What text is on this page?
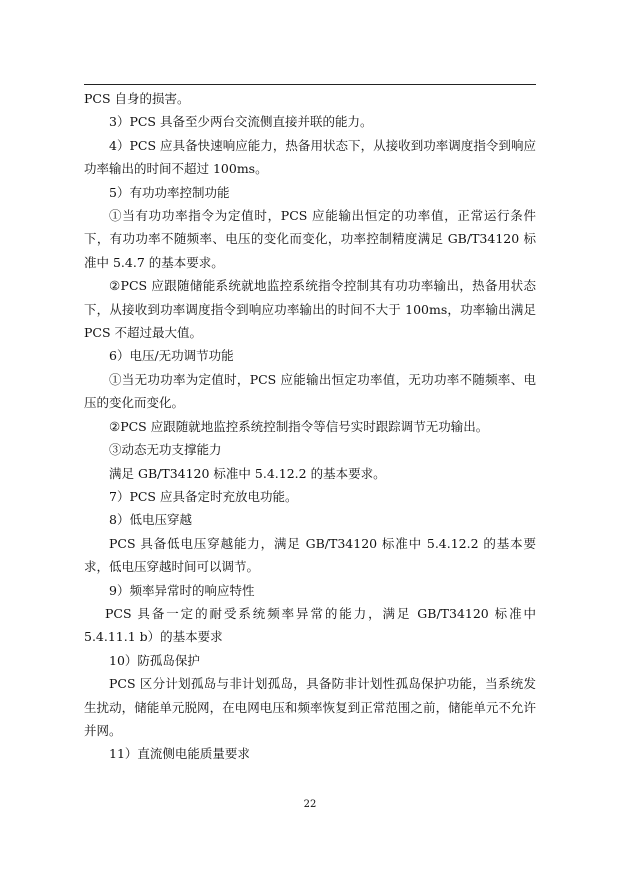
PCS 自身的损害。

3）PCS 具备至少两台交流侧直接并联的能力。

4）PCS 应具备快速响应能力，热备用状态下，从接收到功率调度指令到响应功率输出的时间不超过 100ms。

5）有功功率控制功能

①当有功功率指令为定值时，PCS 应能输出恒定的功率值，正常运行条件下，有功功率不随频率、电压的变化而变化，功率控制精度满足 GB/T34120 标准中 5.4.7 的基本要求。

②PCS 应跟随储能系统就地监控系统指令控制其有功功率输出，热备用状态下，从接收到功率调度指令到响应功率输出的时间不大于 100ms，功率输出满足 PCS 不超过最大值。

6）电压/无功调节功能

①当无功功率为定值时，PCS 应能输出恒定功率值，无功功率不随频率、电压的变化而变化。

②PCS 应跟随就地监控系统控制指令等信号实时跟踪调节无功输出。

③动态无功支撑能力

满足 GB/T34120 标准中 5.4.12.2 的基本要求。

7）PCS 应具备定时充放电功能。

8）低电压穿越

PCS 具备低电压穿越能力，满足 GB/T34120 标准中 5.4.12.2 的基本要求，低电压穿越时间可以调节。

9）频率异常时的响应特性

PCS 具备一定的耐受系统频率异常的能力，满足 GB/T34120 标准中 5.4.11.1 b）的基本要求

10）防孤岛保护

PCS 区分计划孤岛与非计划孤岛，具备防非计划性孤岛保护功能，当系统发生扰动，储能单元脱网，在电网电压和频率恢复到正常范围之前，储能单元不允许并网。

11）直流侧电能质量要求

22
